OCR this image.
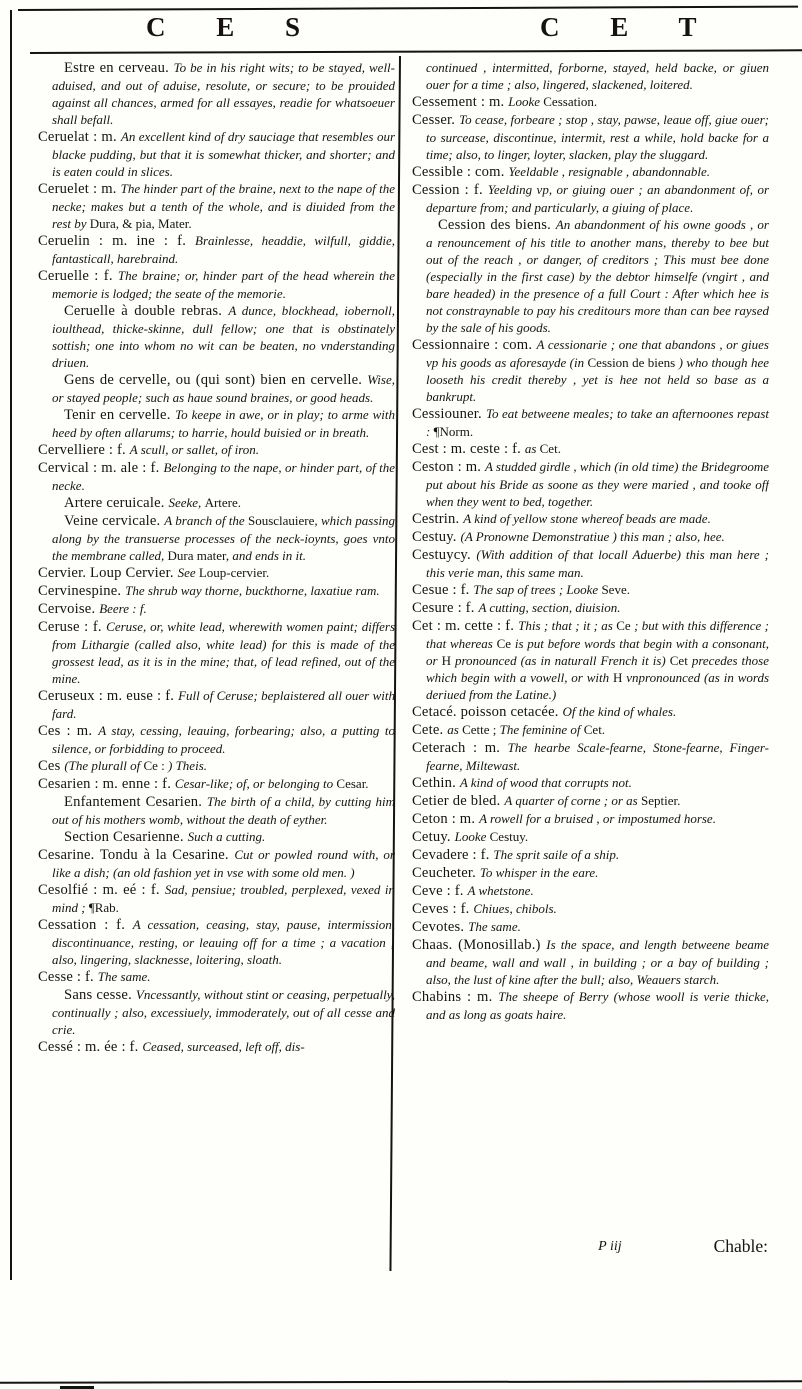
C E S	C E T

Estre en cerveau. To be in his right wits; to be stayed, well-aduised, and out of aduise, resolute, or secure; to be prouided against all chances, armed for all essayes, readie for whatsoeuer shall befall.

Ceruelat : m. An excellent kind of dry sauciage that resembles our blacke pudding, but that it is somewhat thicker, and shorter; and is eaten could in slices.

Ceruelet : m. The hinder part of the braine, next to the nape of the necke; makes but a tenth of the whole, and is diuided from the rest by Dura, & pia, Mater.

Ceruelin : m. ine : f. Brainlesse, headdie, wilfull, giddie, fantasticall, harebraind.

Ceruelle : f. The braine; or, hinder part of the head wherein the memorie is lodged; the seate of the memorie.

Ceruelle à double rebras. A dunce, blockhead, iobernoll, ioulthead, thicke-skinne, dull fellow; one that is obstinately sottish; one into whom no wit can be beaten, no vnderstanding driuen.

Gens de cervelle, ou (qui sont) bien en cervelle. Wise, or stayed people; such as haue sound braines, or good heads.

Tenir en cervelle. To keepe in awe, or in play; to arme with heed by often allarums; to harrie, hould buisied or in breath.

Cervelliere : f. A scull, or sallet, of iron.

Cervical : m. ale : f. Belonging to the nape, or hinder part, of the necke.

Artere ceruicale. Seeke, Artere.

Veine cervicale. A branch of the Sousclauiere, which passing along by the transuerse processes of the neck-ioynts, goes vnto the membrane called, Dura mater, and ends in it.

Cervier. Loup Cervier. See Loup-cervier.

Cervinespine. The shrub way thorne, buckthorne, laxatiue ram.

Cervoise. Beere : f.

Ceruse : f. Ceruse, or, white lead, wherewith women paint; differs from Lithargie (called also, white lead) for this is made of the grossest lead, as it is in the mine; that, of lead refined, out of the mine.

Ceruseux : m. euse : f. Full of Ceruse; beplaistered all ouer with fard.

Ces : m. A stay, cessing, leauing, forbearing; also, a putting to silence, or forbidding to proceed.

Ces (The plurall of Ce : ) Theis.

Cesarien : m. enne : f. Cesar-like; of, or belonging to Cesar.

Enfantement Cesarien. The birth of a child, by cutting him out of his mothers womb, without the death of eyther.

Section Cesarienne. Such a cutting.

Cesarine. Tondu à la Cesarine. Cut or powled round with, or like a dish; (an old fashion yet in vse with some old men. )

Cesolfié : m. eé : f. Sad, pensiue; troubled, perplexed, vexed in mind ; ¶Rab.

Cessation : f. A cessation, ceasing, stay, pause, intermission, discontinuance, resting, or leauing off for a time ; a vacation ; also, lingering, slacknesse, loitering, sloath.

Cesse : f. The same.

Sans cesse. Vncessantly, without stint or ceasing, perpetually, continually ; also, excessiuely, immoderately, out of all cesse and crie.

Cessé : m. ée : f. Ceased, surceased, left off, dis-

continued , intermitted, forborne, stayed, held backe, or giuen ouer for a time ; also, lingered, slackened, loitered.

Cessement : m. Looke Cessation.

Cesser. To cease, forbeare ; stop , stay, pawse, leaue off, giue ouer; to surcease, discontinue, intermit, rest a while, hold backe for a time; also, to linger, loyter, slacken, play the sluggard.

Cessible : com. Yeeldable , resignable , abandonnable.

Cession : f. Yeelding vp, or giuing ouer ; an abandonment of, or departure from; and particularly, a giuing of place.

Cession des biens. An abandonment of his owne goods , or a renouncement of his title to another mans, thereby to bee but out of the reach , or danger, of creditors ; This must bee done (especially in the first case) by the debtor himselfe (vngirt , and bare headed) in the presence of a full Court : After which hee is not constraynable to pay his creditours more than can bee raysed by the sale of his goods.

Cessionnaire : com. A cessionarie ; one that abandons , or giues vp his goods as aforesayde (in Cession de biens ) who though hee looseth his credit thereby , yet is hee not held so base as a bankrupt.

Cessiouner. To eat betweene meales; to take an afternoones repast : ¶Norm.

Cest : m. ceste : f. as Cet.

Ceston : m. A studded girdle , which (in old time) the Bridegroome put about his Bride as soone as they were maried , and tooke off when they went to bed, together.

Cestrin. A kind of yellow stone whereof beads are made.

Cestuy. (A Pronowne Demonstratiue ) this man ; also, hee.

Cestuycy. (With addition of that locall Aduerbe) this man here ; this verie man, this same man.

Cesue : f. The sap of trees ; Looke Seve.

Cesure : f. A cutting, section, diuision.

Cet : m. cette : f. This ; that ; it ; as Ce ; but with this difference ; that whereas Ce is put before words that begin with a consonant, or H pronounced (as in naturall French it is) Cet precedes those which begin with a vowell, or with H vnpronounced (as in words deriued from the Latine.)

Cetacé. poisson cetacée. Of the kind of whales.

Cete. as Cette ; The feminine of Cet.

Ceterach : m. The hearbe Scale-fearne, Stone-fearne, Finger-fearne, Miltewast.

Cethin. A kind of wood that corrupts not.

Cetier de bled. A quarter of corne ; or as Septier.

Ceton : m. A rowell for a bruised , or impostumed horse.

Cetuy. Looke Cestuy.

Cevadere : f. The sprit saile of a ship.

Ceucheter. To whisper in the eare.

Ceve : f. A whetstone.

Ceves : f. Chiues, chibols.

Cevotes. The same.

Chaas. (Monosillab.) Is the space, and length betweene beame and beame, wall and wall , in building ; or a bay of building ; also, the lust of kine after the bull; also, Weauers starch.

Chabins : m. The sheepe of Berry (whose wooll is verie thicke, and as long as goats haire.

P iij	Chable:
